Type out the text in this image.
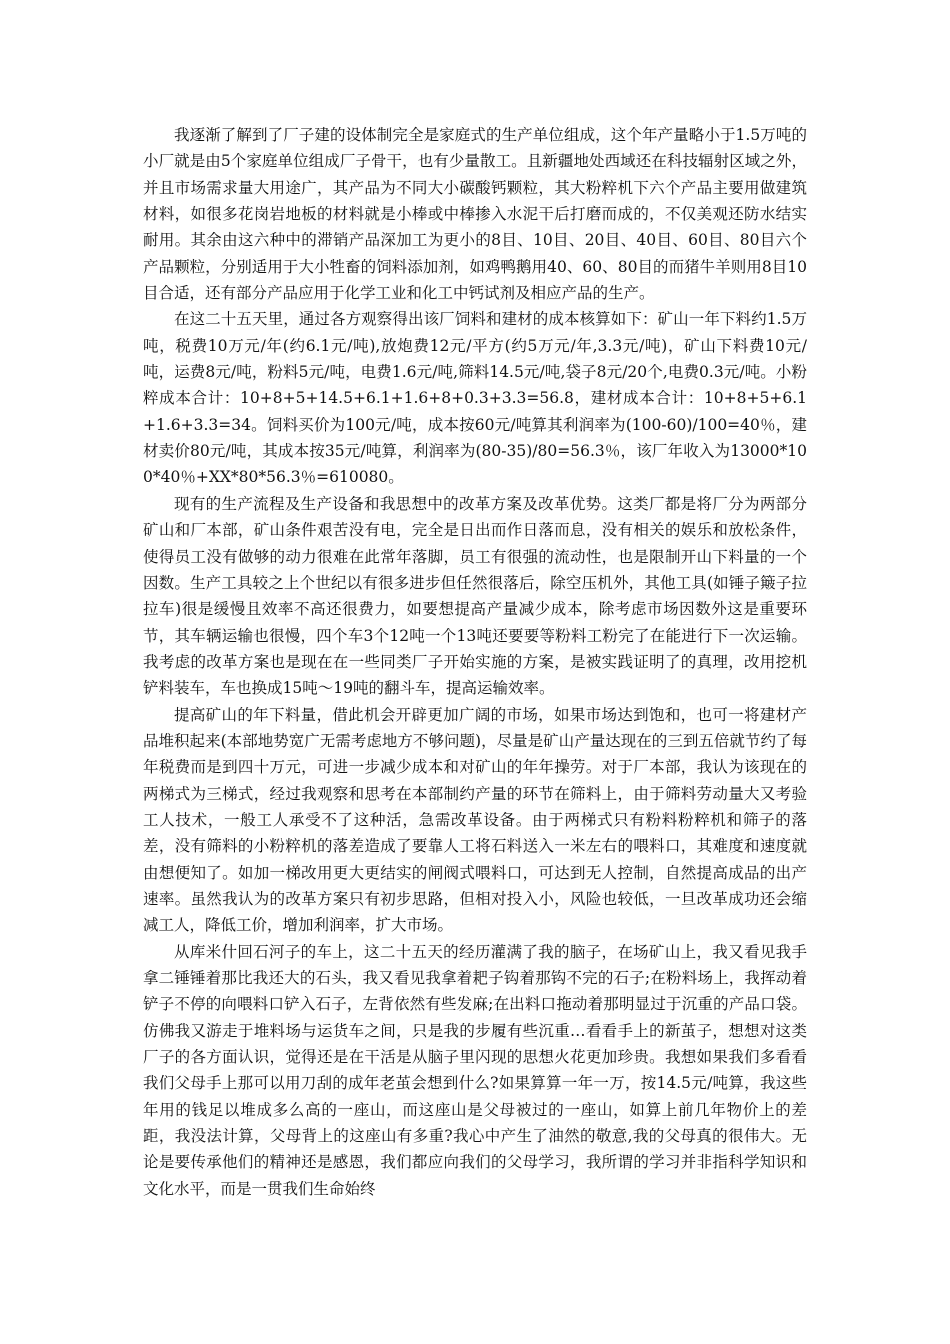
我逐渐了解到了厂子建的设体制完全是家庭式的生产单位组成，这个年产量略小于1.5万吨的小厂就是由5个家庭单位组成厂子骨干，也有少量散工。且新疆地处西域还在科技辐射区域之外，并且市场需求量大用途广，其产品为不同大小碳酸钙颗粒，其大粉粹机下六个产品主要用做建筑材料，如很多花岗岩地板的材料就是小棒或中棒掺入水泥干后打磨而成的，不仅美观还防水结实耐用。其余由这六种中的滞销产品深加工为更小的8目、10目、20目、40目、60目、80目六个产品颗粒，分别适用于大小牲畜的饲料添加剂，如鸡鸭鹅用40、60、80目的而猪牛羊则用8目10目合适，还有部分产品应用于化学工业和化工中钙试剂及相应产品的生产。

在这二十五天里，通过各方观察得出该厂饲料和建材的成本核算如下：矿山一年下料约1.5万吨，税费10万元/年(约6.1元/吨),放炮费12元/平方(约5万元/年,3.3元/吨)，矿山下料费10元/吨，运费8元/吨，粉料5元/吨，电费1.6元/吨,筛料14.5元/吨,袋子8元/20个,电费0.3元/吨。小粉粹成本合计：10+8+5+14.5+6.1+1.6+8+0.3+3.3=56.8，建材成本合计：10+8+5+6.1+1.6+3.3=34。饲料买价为100元/吨，成本按60元/吨算其利润率为(100-60)/100=40％，建材卖价80元/吨，其成本按35元/吨算，利润率为(80-35)/80=56.3％，该厂年收入为13000*100*40％+XX*80*56.3％=610080。

现有的生产流程及生产设备和我思想中的改革方案及改革优势。这类厂都是将厂分为两部分矿山和厂本部，矿山条件艰苦没有电，完全是日出而作日落而息，没有相关的娱乐和放松条件，使得员工没有做够的动力很难在此常年落脚，员工有很强的流动性，也是限制开山下料量的一个因数。生产工具较之上个世纪以有很多进步但任然很落后，除空压机外，其他工具(如锤子簸子拉拉车)很是缓慢且效率不高还很费力，如要想提高产量减少成本，除考虑市场因数外这是重要环节，其车辆运输也很慢，四个车3个12吨一个13吨还要要等粉料工粉完了在能进行下一次运输。我考虑的改革方案也是现在在一些同类厂子开始实施的方案，是被实践证明了的真理，改用挖机铲料装车，车也换成15吨～19吨的翻斗车，提高运输效率。

提高矿山的年下料量，借此机会开辟更加广阔的市场，如果市场达到饱和，也可一将建材产品堆积起来(本部地势宽广无需考虑地方不够问题)，尽量是矿山产量达现在的三到五倍就节约了每年税费而是到四十万元，可进一步减少成本和对矿山的年年操劳。对于厂本部，我认为该现在的两梯式为三梯式，经过我观察和思考在本部制约产量的环节在筛料上，由于筛料劳动量大又考验工人技术，一般工人承受不了这种活，急需改革设备。由于两梯式只有粉料粉粹机和筛子的落差，没有筛料的小粉粹机的落差造成了要靠人工将石料送入一米左右的喂料口，其难度和速度就由想便知了。如加一梯改用更大更结实的闸阀式喂料口，可达到无人控制，自然提高成品的出产速率。虽然我认为的改革方案只有初步思路，但相对投入小，风险也较低，一旦改革成功还会缩减工人，降低工价，增加利润率，扩大市场。

从库米什回石河子的车上，这二十五天的经历灌满了我的脑子，在场矿山上，我又看见我手拿二锤锤着那比我还大的石头，我又看见我拿着耙子钩着那钩不完的石子;在粉料场上，我挥动着铲子不停的向喂料口铲入石子，左背依然有些发麻;在出料口拖动着那明显过于沉重的产品口袋。仿佛我又游走于堆料场与运货车之间，只是我的步履有些沉重…看看手上的新茧子，想想对这类厂子的各方面认识，觉得还是在干活是从脑子里闪现的思想火花更加珍贵。我想如果我们多看看我们父母手上那可以用刀刮的成年老茧会想到什么?如果算算一年一万，按14.5元/吨算，我这些年用的钱足以堆成多么高的一座山，而这座山是父母被过的一座山，如算上前几年物价上的差距，我没法计算，父母背上的这座山有多重?我心中产生了油然的敬意,我的父母真的很伟大。无论是要传承他们的精神还是感恩，我们都应向我们的父母学习，我所谓的学习并非指科学知识和文化水平，而是一贯我们生命始终
